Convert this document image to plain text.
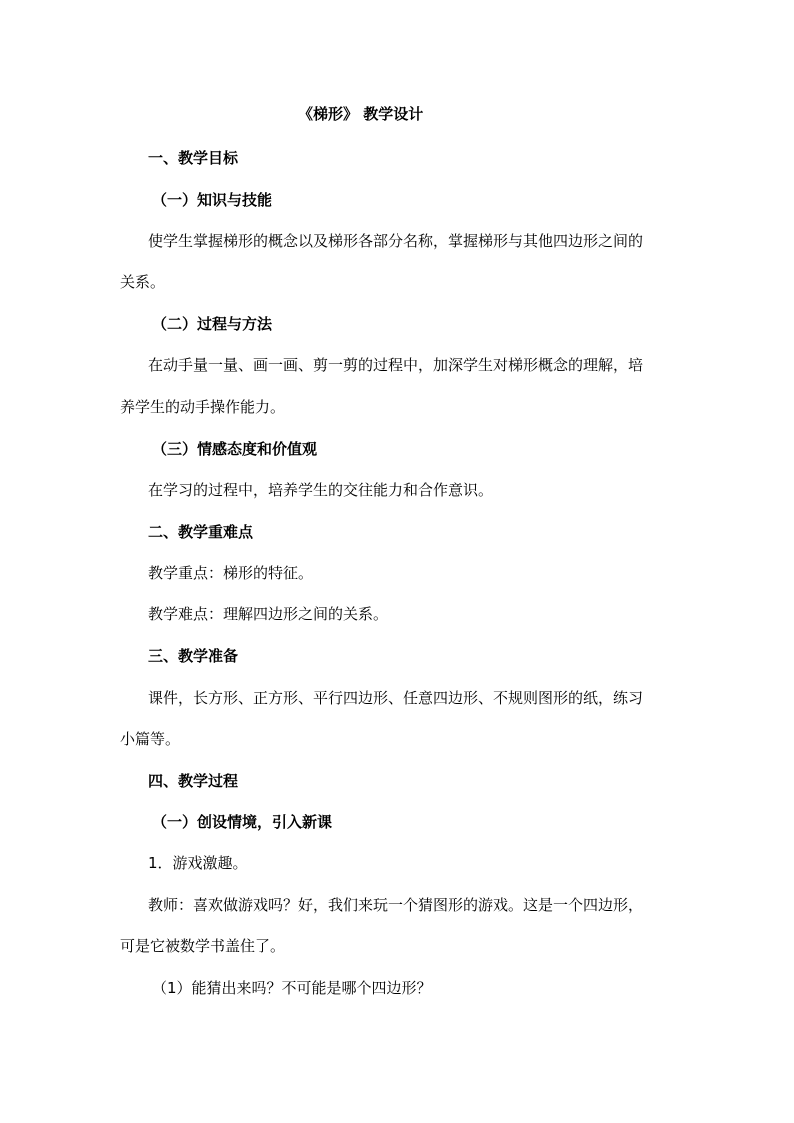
《梯形》 教学设计

一、教学目标

（一）知识与技能

使学生掌握梯形的概念以及梯形各部分名称，掌握梯形与其他四边形之间的

关系。

（二）过程与方法

在动手量一量、画一画、剪一剪的过程中，加深学生对梯形概念的理解，培

养学生的动手操作能力。

（三）情感态度和价值观

在学习的过程中，培养学生的交往能力和合作意识。

二、教学重难点

教学重点：梯形的特征。

教学难点：理解四边形之间的关系。

三、教学准备

课件，长方形、正方形、平行四边形、任意四边形、不规则图形的纸，练习

小篇等。

四、教学过程

（一）创设情境，引入新课

1．游戏激趣。

教师：喜欢做游戏吗？好，我们来玩一个猜图形的游戏。这是一个四边形，

可是它被数学书盖住了。

（1）能猜出来吗？不可能是哪个四边形？
